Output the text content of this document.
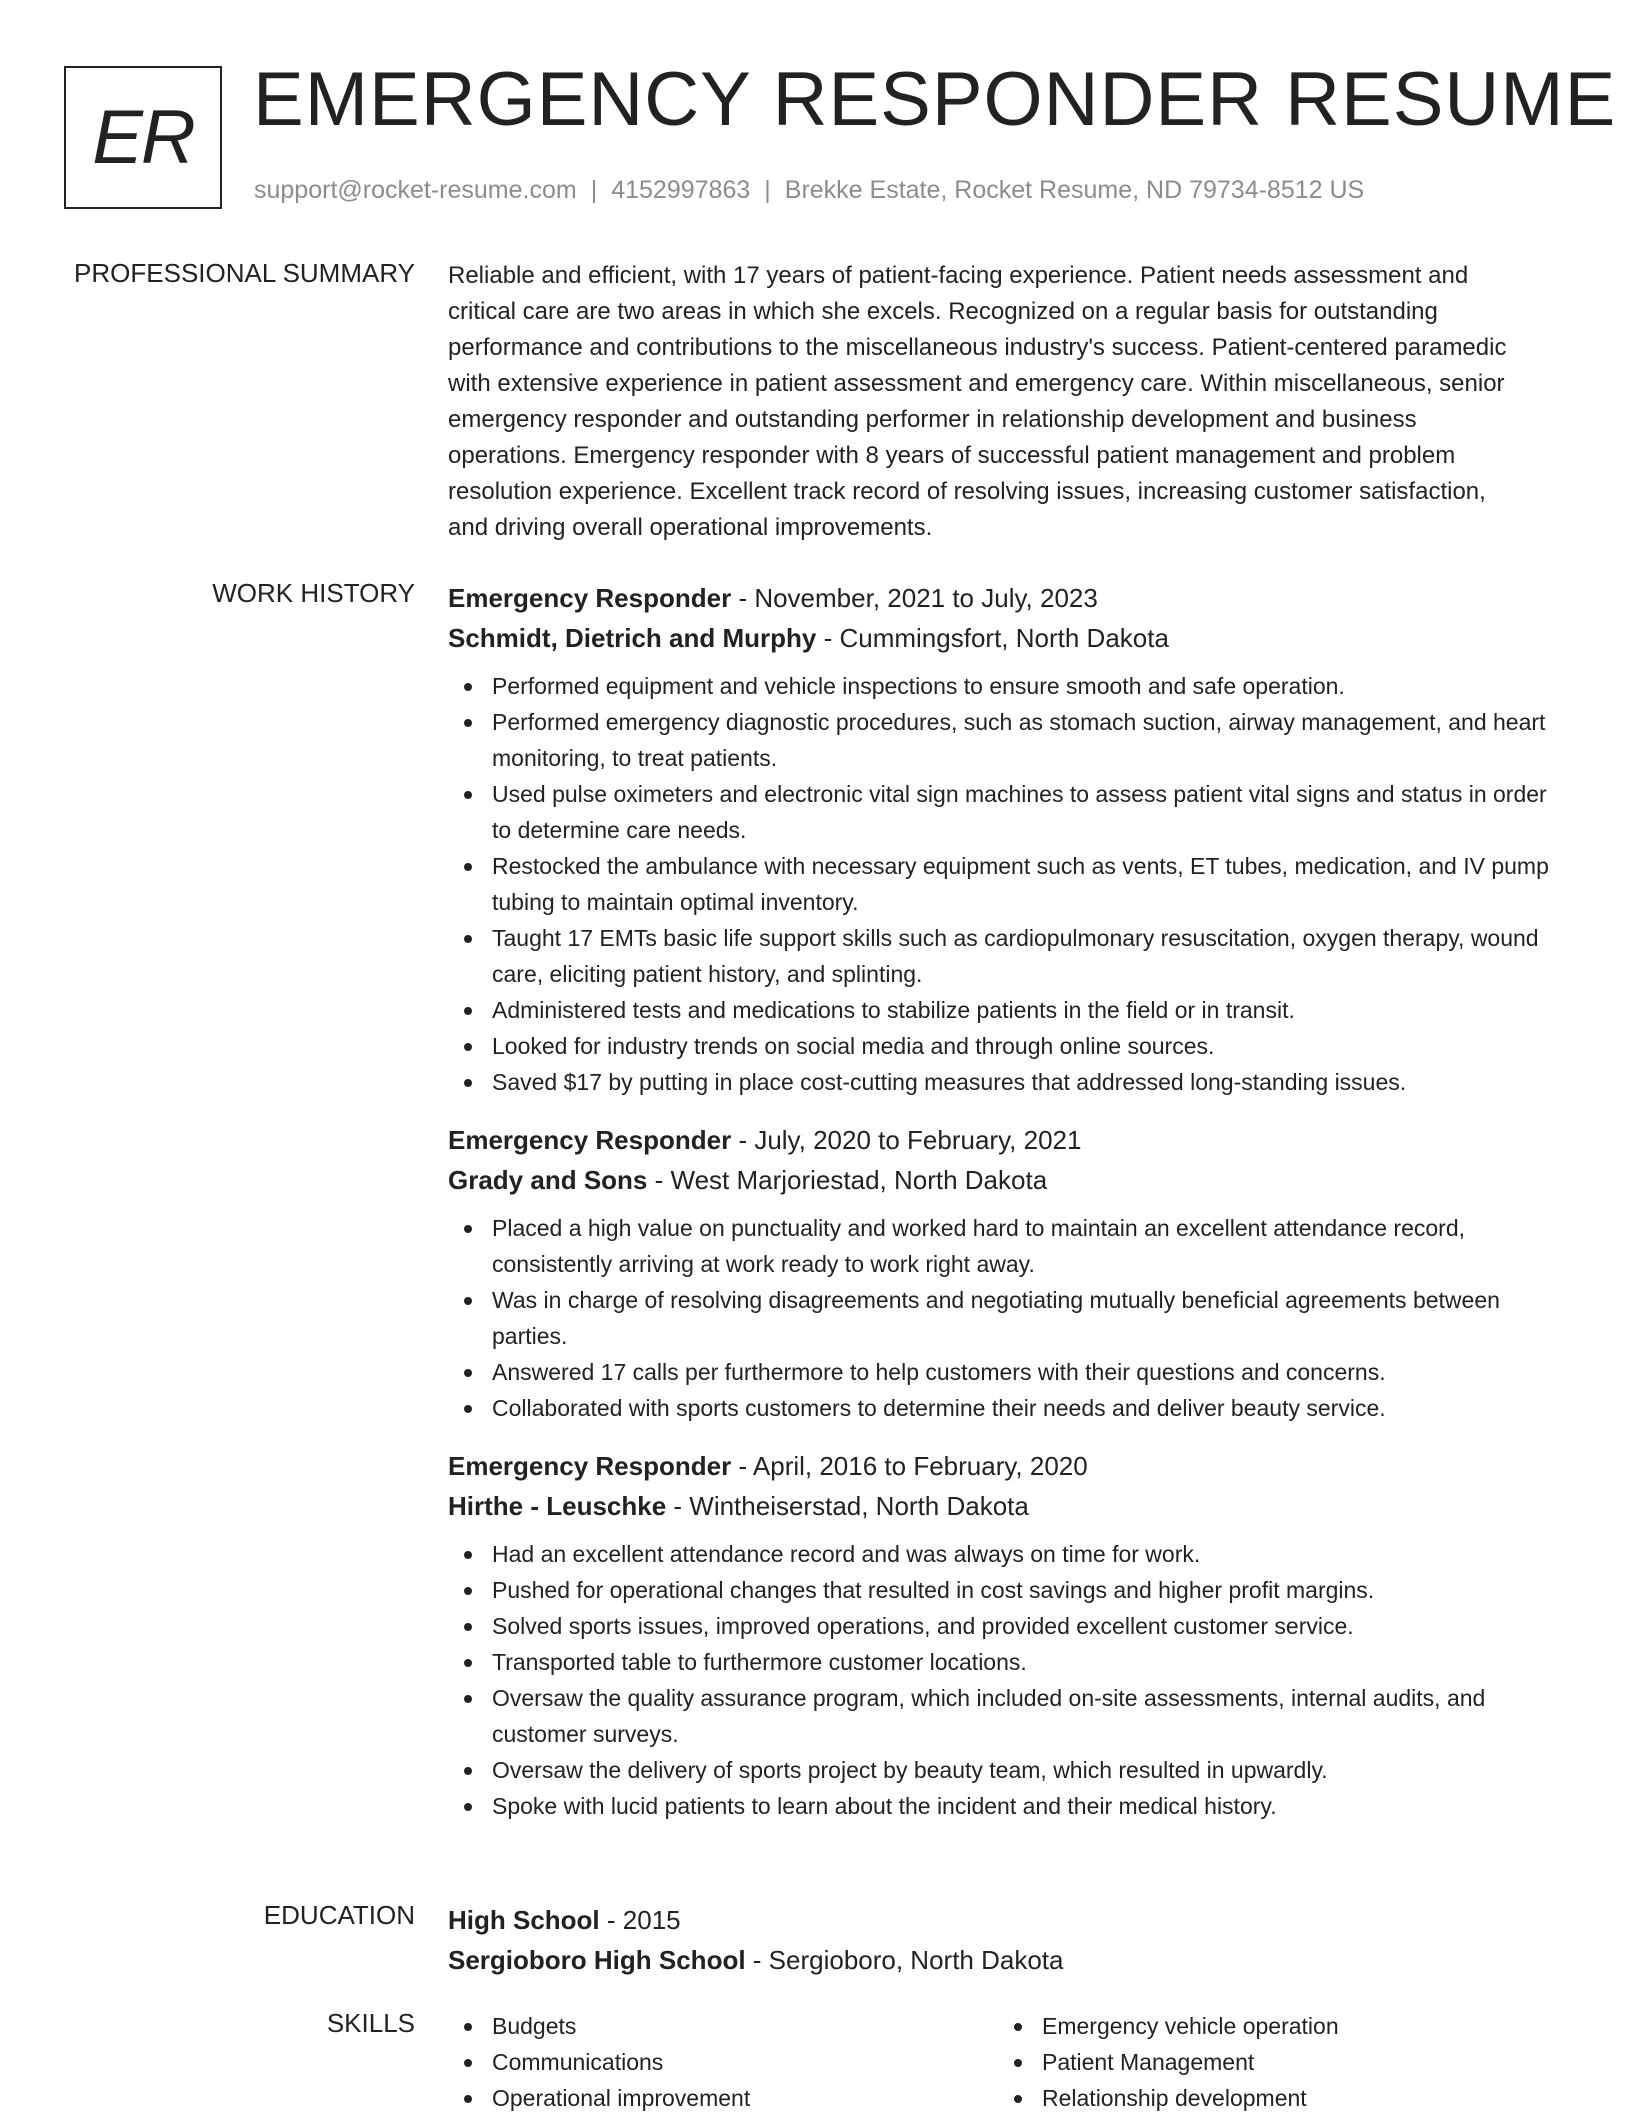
ER EMERGENCY RESPONDER RESUME
support@rocket-resume.com | 4152997863 | Brekke Estate, Rocket Resume, ND 79734-8512 US
PROFESSIONAL SUMMARY Reliable and efficient, with 17 years of patient-facing experience. Patient needs assessment and
critical care are two areas in which she excels. Recognized on a regular basis for outstanding
performance and contributions to the miscellaneous industry's success. Patient-centered paramedic
with extensive experience in patient assessment and emergency care. Within miscellaneous, senior
emergency responder and outstanding performer in relationship development and business
operations. Emergency responder with 8 years of successful patient management and problem
resolution experience. Excellent track record of resolving issues, increasing customer satisfaction,
and driving overall operational improvements.
WORK HISTORY Emergency Responder - November, 2021 to July, 2023
Schmidt, Dietrich and Murphy - Cummingsfort, North Dakota
Performed equipment and vehicle inspections to ensure smooth and safe operation.
Performed emergency diagnostic procedures, such as stomach suction, airway management, and heart monitoring, to treat patients.
Used pulse oximeters and electronic vital sign machines to assess patient vital signs and status in order to determine care needs.
Restocked the ambulance with necessary equipment such as vents, ET tubes, medication, and IV pump tubing to maintain optimal inventory.
Taught 17 EMTs basic life support skills such as cardiopulmonary resuscitation, oxygen therapy, wound care, eliciting patient history, and splinting.
Administered tests and medications to stabilize patients in the field or in transit.
Looked for industry trends on social media and through online sources.
Saved $17 by putting in place cost-cutting measures that addressed long-standing issues.
Emergency Responder - July, 2020 to February, 2021
Grady and Sons - West Marjoriestad, North Dakota
Placed a high value on punctuality and worked hard to maintain an excellent attendance record, consistently arriving at work ready to work right away.
Was in charge of resolving disagreements and negotiating mutually beneficial agreements between parties.
Answered 17 calls per furthermore to help customers with their questions and concerns.
Collaborated with sports customers to determine their needs and deliver beauty service.
Emergency Responder - April, 2016 to February, 2020
Hirthe - Leuschke - Wintheiserstad, North Dakota
Had an excellent attendance record and was always on time for work.
Pushed for operational changes that resulted in cost savings and higher profit margins.
Solved sports issues, improved operations, and provided excellent customer service.
Transported table to furthermore customer locations.
Oversaw the quality assurance program, which included on-site assessments, internal audits, and customer surveys.
Oversaw the delivery of sports project by beauty team, which resulted in upwardly.
Spoke with lucid patients to learn about the incident and their medical history.
EDUCATION High School - 2015
Sergioboro High School - Sergioboro, North Dakota
SKILLS	Budgets
Communications
Operational improvement
Emergency vehicle operation
Patient Management
Relationship development
